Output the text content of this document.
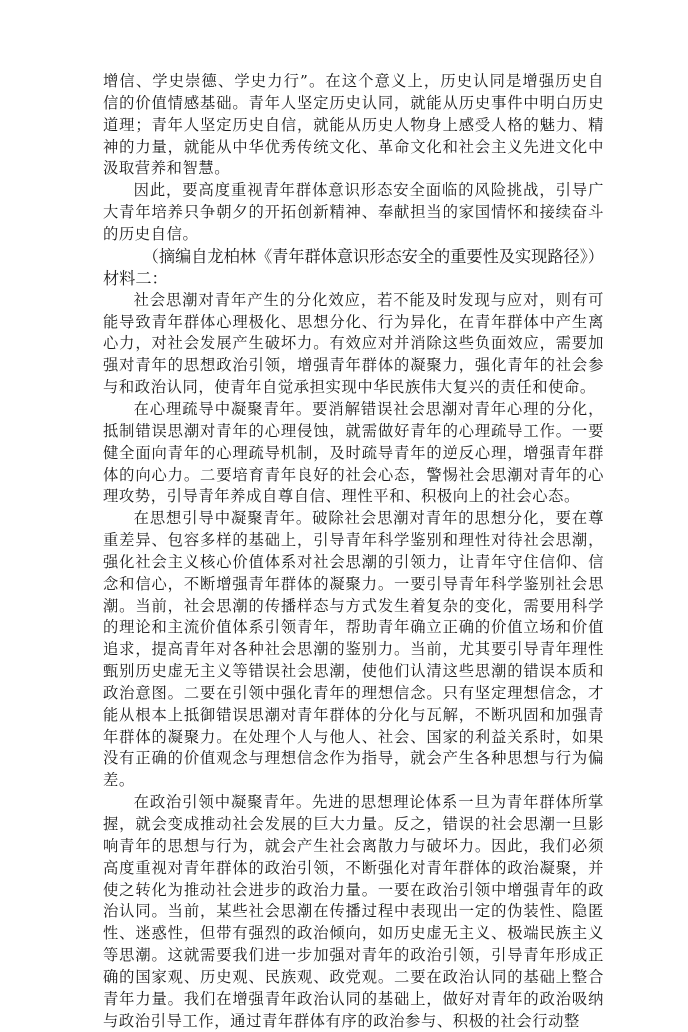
增信、学史崇德、学史力行”。在这个意义上，历史认同是增强历史自信的价值情感基础。青年人坚定历史认同，就能从历史事件中明白历史道理；青年人坚定历史自信，就能从历史人物身上感受人格的魅力、精神的力量，就能从中华优秀传统文化、革命文化和社会主义先进文化中汲取营养和智慧。

因此，要高度重视青年群体意识形态安全面临的风险挑战，引导广大青年培养只争朝夕的开拓创新精神、奉献担当的家国情怀和接续奋斗的历史自信。

（摘编自龙柏林《青年群体意识形态安全的重要性及实现路径》）

材料二：

社会思潮对青年产生的分化效应，若不能及时发现与应对，则有可能导致青年群体心理极化、思想分化、行为异化，在青年群体中产生离心力，对社会发展产生破坏力。有效应对并消除这些负面效应，需要加强对青年的思想政治引领，增强青年群体的凝聚力，强化青年的社会参与和政治认同，使青年自觉承担实现中华民族伟大复兴的责任和使命。

在心理疏导中凝聚青年。要消解错误社会思潮对青年心理的分化，抵制错误思潮对青年的心理侵蚀，就需做好青年的心理疏导工作。一要健全面向青年的心理疏导机制，及时疏导青年的逆反心理，增强青年群体的向心力。二要培育青年良好的社会心态，警惕社会思潮对青年的心理攻势，引导青年养成自尊自信、理性平和、积极向上的社会心态。

在思想引导中凝聚青年。破除社会思潮对青年的思想分化，要在尊重差异、包容多样的基础上，引导青年科学鉴别和理性对待社会思潮，强化社会主义核心价值体系对社会思潮的引领力，让青年守住信仰、信念和信心，不断增强青年群体的凝聚力。一要引导青年科学鉴别社会思潮。当前，社会思潮的传播样态与方式发生着复杂的变化，需要用科学的理论和主流价值体系引领青年，帮助青年确立正确的价值立场和价值追求，提高青年对各种社会思潮的鉴别力。当前，尤其要引导青年理性甄别历史虚无主义等错误社会思潮，使他们认清这些思潮的错误本质和政治意图。二要在引领中强化青年的理想信念。只有坚定理想信念，才能从根本上抵御错误思潮对青年群体的分化与瓦解，不断巩固和加强青年群体的凝聚力。在处理个人与他人、社会、国家的利益关系时，如果没有正确的价值观念与理想信念作为指导，就会产生各种思想与行为偏差。

在政治引领中凝聚青年。先进的思想理论体系一旦为青年群体所掌握，就会变成推动社会发展的巨大力量。反之，错误的社会思潮一旦影响青年的思想与行为，就会产生社会离散力与破坏力。因此，我们必须高度重视对青年群体的政治引领，不断强化对青年群体的政治凝聚，并使之转化为推动社会进步的政治力量。一要在政治引领中增强青年的政治认同。当前，某些社会思潮在传播过程中表现出一定的伪装性、隐匿性、迷惑性，但带有强烈的政治倾向，如历史虚无主义、极端民族主义等思潮。这就需要我们进一步加强对青年的政治引领，引导青年形成正确的国家观、历史观、民族观、政党观。二要在政治认同的基础上整合青年力量。我们在增强青年政治认同的基础上，做好对青年的政治吸纳与政治引导工作，通过青年群体有序的政治参与、积极的社会行动整
